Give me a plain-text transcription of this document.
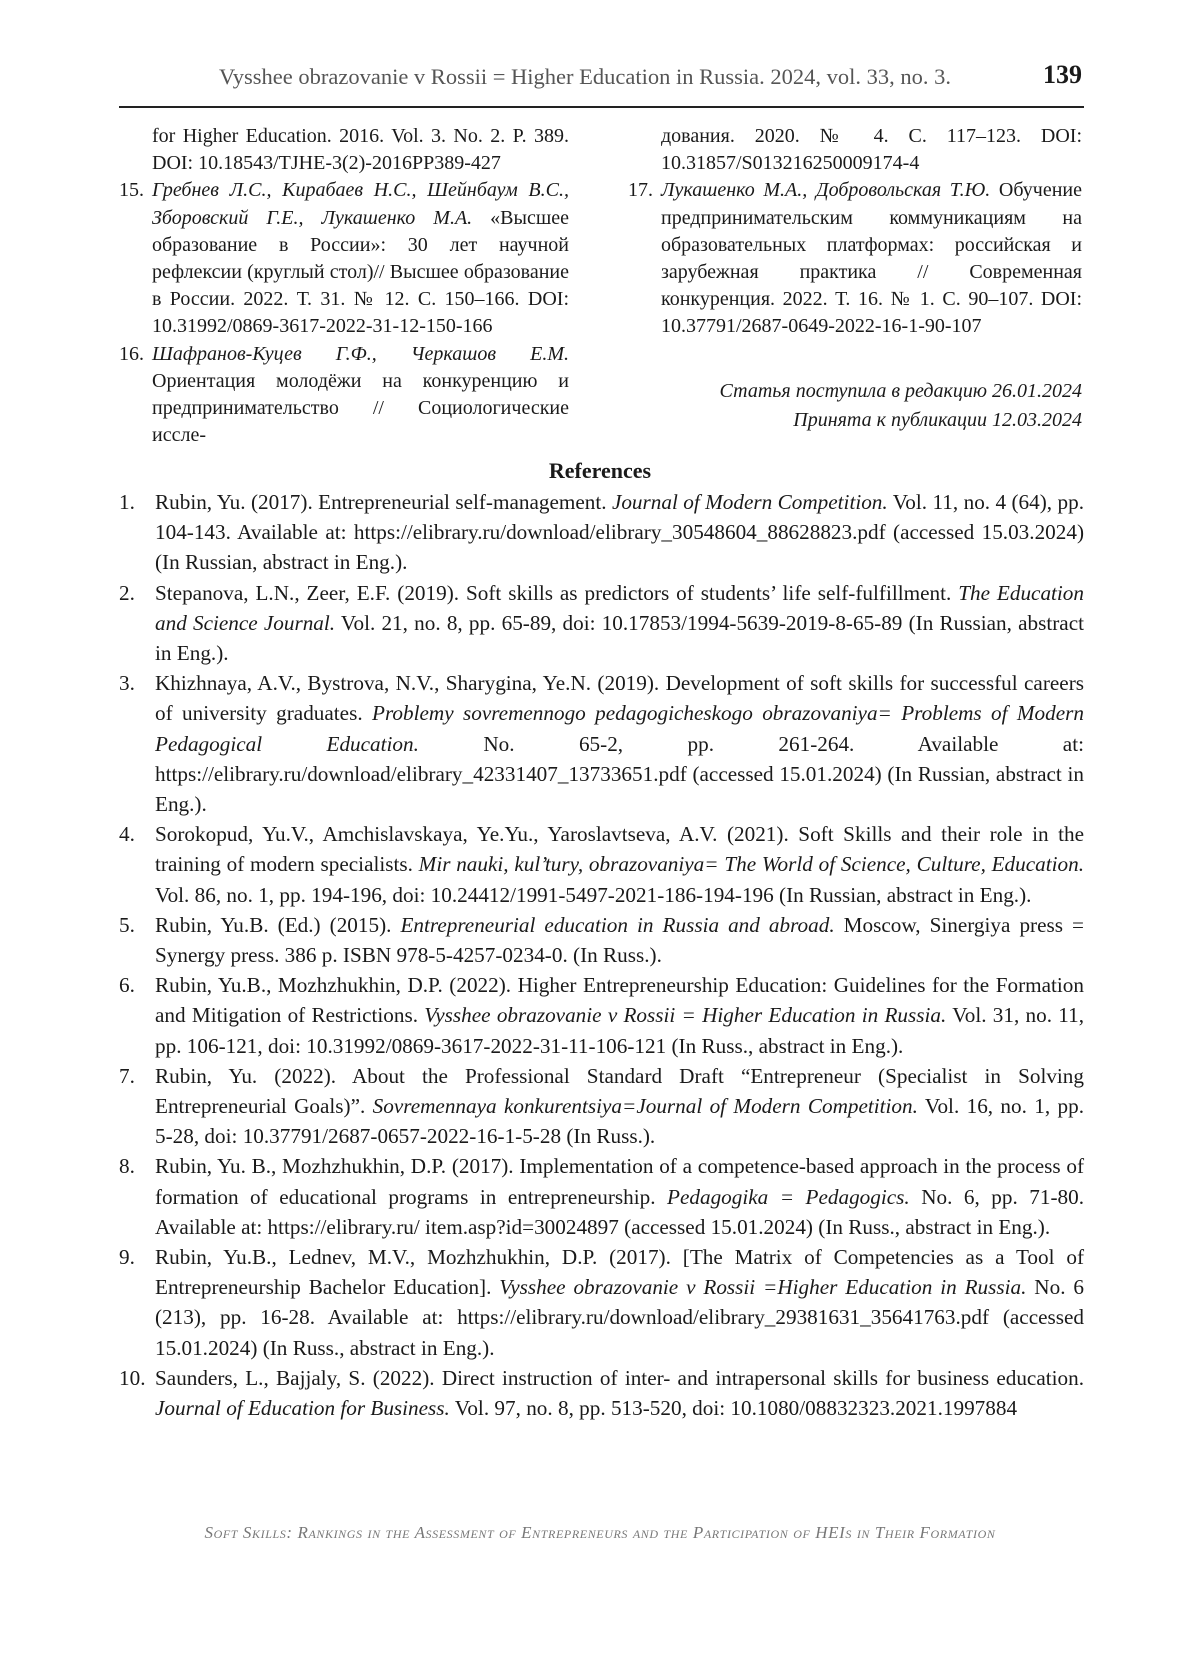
Vysshee obrazovanie v Rossii = Higher Education in Russia. 2024, vol. 33, no. 3.	139
for Higher Education. 2016. Vol. 3. No. 2. P. 389. DOI: 10.18543/TJHE-3(2)-2016PP389-427
15. Гребнев Л.С., Кирабаев Н.С., Шейнбаум В.С., Зборовский Г.Е., Лукашенко М.А. «Высшее образование в России»: 30 лет научной рефлексии (круглый стол)// Высшее образование в России. 2022. Т. 31. № 12. С. 150–166. DOI: 10.31992/0869-3617-2022-31-12-150-166
16. Шафранов-Куцев Г.Ф., Черкашов Е.М. Ориентация молодёжи на конкуренцию и предпринимательство // Социологические иссле-
дования. 2020. № 4. С. 117–123. DOI: 10.31857/S013216250009174-4
17. Лукашенко М.А., Добровольская Т.Ю. Обучение предпринимательским коммуникациям на образовательных платформах: российская и зарубежная практика // Современная конкуренция. 2022. Т. 16. № 1. С. 90–107. DOI: 10.37791/2687-0649-2022-16-1-90-107
Статья поступила в редакцию 26.01.2024
Принята к публикации 12.03.2024
References
1. Rubin, Yu. (2017). Entrepreneurial self-management. Journal of Modern Competition. Vol. 11, no. 4 (64), pp. 104-143. Available at: https://elibrary.ru/download/elibrary_30548604_88628823.pdf (accessed 15.03.2024) (In Russian, abstract in Eng.).
2. Stepanova, L.N., Zeer, E.F. (2019). Soft skills as predictors of students’ life self-fulfillment. The Education and Science Journal. Vol. 21, no. 8, pp. 65-89, doi: 10.17853/1994-5639-2019-8-65-89 (In Russian, abstract in Eng.).
3. Khizhnaya, A.V., Bystrova, N.V., Sharygina, Ye.N. (2019). Development of soft skills for successful careers of university graduates. Problemy sovremennogo pedagogicheskogo obrazovaniya= Problems of Modern Pedagogical Education. No. 65-2, pp. 261-264. Available at: https://elibrary.ru/download/elibrary_42331407_13733651.pdf (accessed 15.01.2024) (In Russian, abstract in Eng.).
4. Sorokopud, Yu.V., Amchislavskaya, Ye.Yu., Yaroslavtseva, A.V. (2021). Soft Skills and their role in the training of modern specialists. Mir nauki, kul’tury, obrazovaniya= The World of Science, Culture, Education. Vol. 86, no. 1, pp. 194-196, doi: 10.24412/1991-5497-2021-186-194-196 (In Russian, abstract in Eng.).
5. Rubin, Yu.B. (Ed.) (2015). Entrepreneurial education in Russia and abroad. Moscow, Sinergiya press = Synergy press. 386 p. ISBN 978-5-4257-0234-0. (In Russ.).
6. Rubin, Yu.B., Mozhzhukhin, D.P. (2022). Higher Entrepreneurship Education: Guidelines for the Formation and Mitigation of Restrictions. Vysshee obrazovanie v Rossii = Higher Education in Russia. Vol. 31, no. 11, pp. 106-121, doi: 10.31992/0869-3617-2022-31-11-106-121 (In Russ., abstract in Eng.).
7. Rubin, Yu. (2022). About the Professional Standard Draft “Entrepreneur (Specialist in Solving Entrepreneurial Goals)”. Sovremennaya konkurentsiya=Journal of Modern Competition. Vol. 16, no. 1, pp. 5-28, doi: 10.37791/2687-0657-2022-16-1-5-28 (In Russ.).
8. Rubin, Yu. B., Mozhzhukhin, D.P. (2017). Implementation of a competence-based approach in the process of formation of educational programs in entrepreneurship. Pedagogika = Pedagogics. No. 6, pp. 71-80. Available at: https://elibrary.ru/ item.asp?id=30024897 (accessed 15.01.2024) (In Russ., abstract in Eng.).
9. Rubin, Yu.B., Lednev, M.V., Mozhzhukhin, D.P. (2017). [The Matrix of Competencies as a Tool of Entrepreneurship Bachelor Education]. Vysshee obrazovanie v Rossii =Higher Education in Russia. No. 6 (213), pp. 16-28. Available at: https://elibrary.ru/download/elibrary_29381631_35641763.pdf (accessed 15.01.2024) (In Russ., abstract in Eng.).
10. Saunders, L., Bajjaly, S. (2022). Direct instruction of inter- and intrapersonal skills for business education. Journal of Education for Business. Vol. 97, no. 8, pp. 513-520, doi: 10.1080/08832323.2021.1997884
Soft Skills: Rankings in the Assessment of Entrepreneurs and the Participation of HEIs in Their Formation
